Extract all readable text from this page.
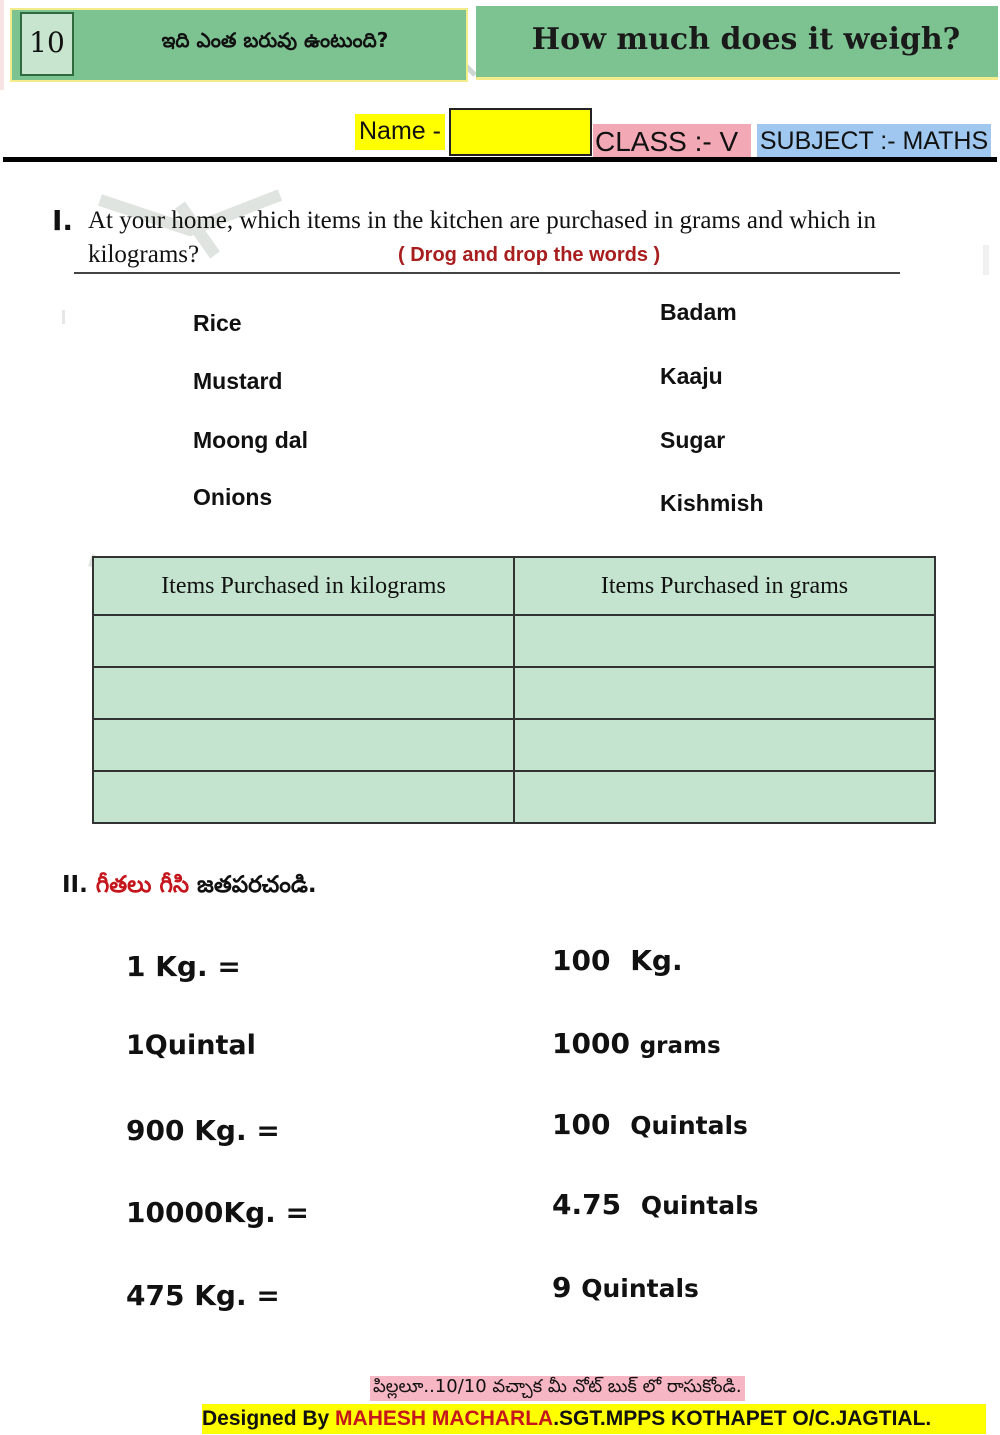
10	ఇది ఎంత బరువు ఉంటుంది?	How much does it weigh?
Name -	CLASS :- V SUBJECT :- MATHS
I. At your home, which items in the kitchen are purchased in grams and which in kilograms?	( Drog and drop the words )
Rice
Mustard
Moong dal
Onions
Badam
Kaaju
Sugar
Kishmish
Items Purchased in kilograms	Items Purchased in grams

II. గీతలు గీసి జతపరచండి.
1 Kg. =
1Quintal
900 Kg. =
10000Kg. =
475 Kg. =
100 Kg.
1000 grams
100 Quintals
4.75 Quintals
9 Quintals
పిల్లలూ..10/10 వచ్చాక మీ నోట్ బుక్ లో రాసుకోండి.
Designed By MAHESH MACHARLA.SGT.MPPS KOTHAPET O/C.JAGTIAL.
